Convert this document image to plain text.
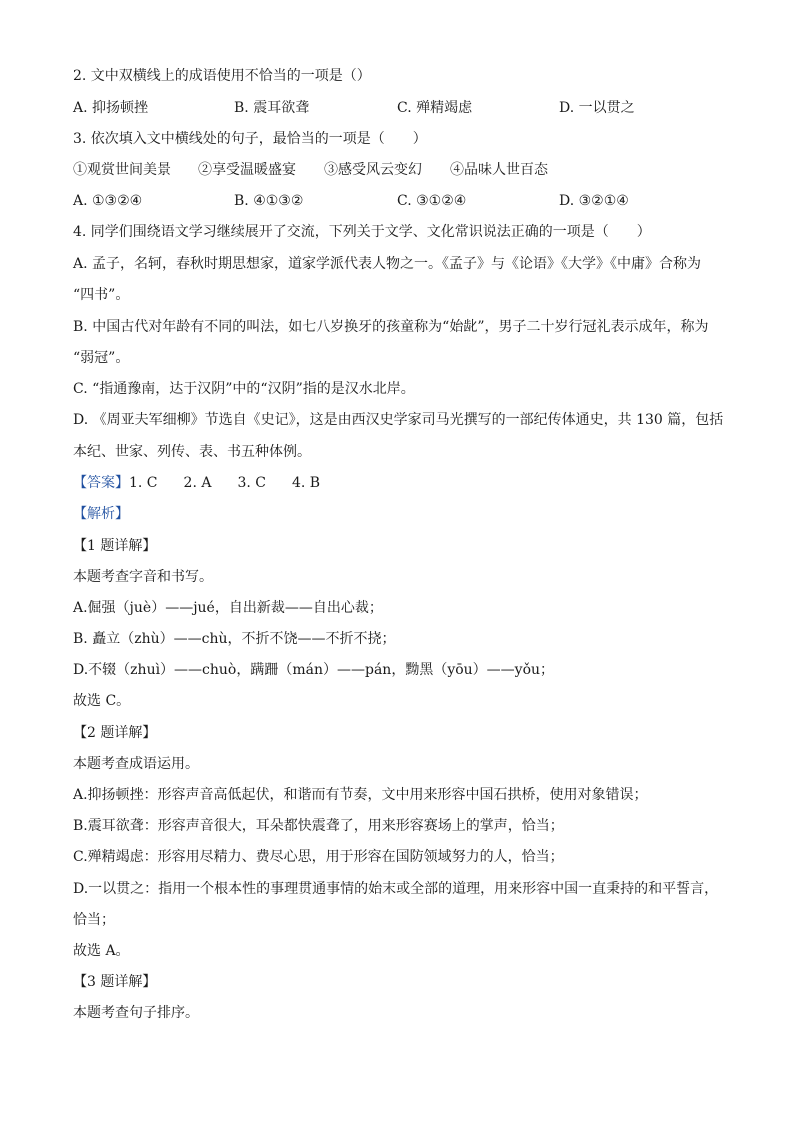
2. 文中双横线上的成语使用不恰当的一项是（）
A. 抑扬顿挫	B. 震耳欲聋	C. 殚精竭虑	D. 一以贯之
3. 依次填入文中横线处的句子，最恰当的一项是（　　）
①观赏世间美景 ②享受温暖盛宴 ③感受风云变幻 ④品味人世百态
A. ①③②④	B. ④①③②	C. ③①②④	D. ③②①④
4. 同学们围绕语文学习继续展开了交流，下列关于文学、文化常识说法正确的一项是（　　）
A. 孟子，名轲，春秋时期思想家，道家学派代表人物之一。《孟子》与《论语》《大学》《中庸》合称为
“四书”。
B. 中国古代对年龄有不同的叫法，如七八岁换牙的孩童称为“始龀”，男子二十岁行冠礼表示成年，称为
“弱冠”。
C. “指通豫南，达于汉阴”中的“汉阴”指的是汉水北岸。
D. 《周亚夫军细柳》节选自《史记》，这是由西汉史学家司马光撰写的一部纪传体通史，共 130 篇，包括
本纪、世家、列传、表、书五种体例。
【答案】1. C 2. A 3. C 4. B
【解析】
【1 题详解】
本题考查字音和书写。
A.倔强（juè）——jué，自出新裁——自出心裁；
B. 矗立（zhù）——chù，不折不饶——不折不挠；
D.不辍（zhuì）——chuò，蹒跚（mán）——pán，黝黑（yōu）——yǒu；
故选 C。
【2 题详解】
本题考查成语运用。
A.抑扬顿挫：形容声音高低起伏，和谐而有节奏，文中用来形容中国石拱桥，使用对象错误；
B.震耳欲聋：形容声音很大，耳朵都快震聋了，用来形容赛场上的掌声，恰当；
C.殚精竭虑：形容用尽精力、费尽心思，用于形容在国防领域努力的人，恰当；
D.一以贯之：指用一个根本性的事理贯通事情的始末或全部的道理，用来形容中国一直秉持的和平誓言，
恰当；
故选 A。
【3 题详解】
本题考查句子排序。
